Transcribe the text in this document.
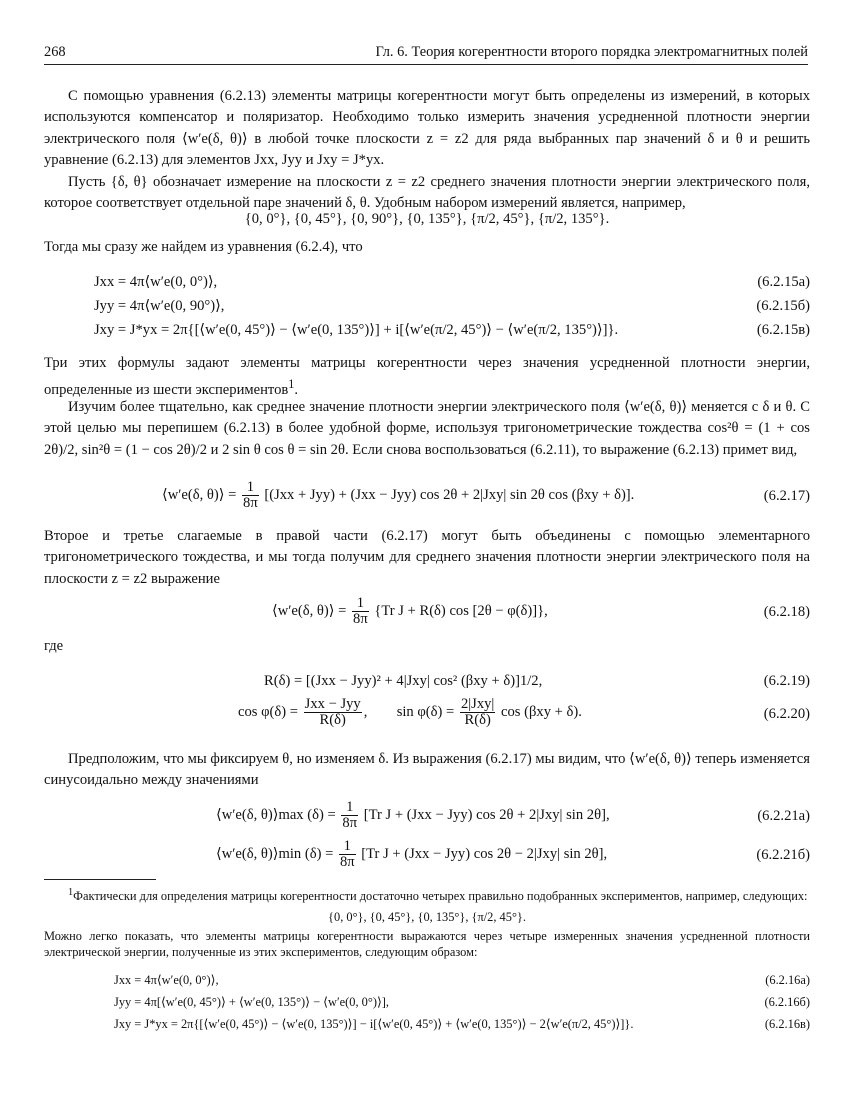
268	Гл. 6. Теория когерентности второго порядка электромагнитных полей

С помощью уравнения (6.2.13) элементы матрицы когерентности могут быть определены из измерений, в которых используются компенсатор и поляризатор. Необходимо только измерить значения усредненной плотности энергии электрического поля ⟨w′e(δ, θ)⟩ в любой точке плоскости z = z2 для ряда выбранных пар значений δ и θ и решить уравнение (6.2.13) для элементов Jxx, Jyy и Jxy = J*yx.

Пусть {δ, θ} обозначает измерение на плоскости z = z2 среднего значения плотности энергии электрического поля, которое соответствует отдельной паре значений δ, θ. Удобным набором измерений является, например,

{0, 0°}, {0, 45°}, {0, 90°}, {0, 135°}, {π/2, 45°}, {π/2, 135°}.

Тогда мы сразу же найдем из уравнения (6.2.4), что

Jxx = 4π⟨w′e(0, 0°)⟩,	(6.2.15а)
Jyy = 4π⟨w′e(0, 90°)⟩,	(6.2.15б)
Jxy = J*yx = 2π{[⟨w′e(0, 45°)⟩ − ⟨w′e(0, 135°)⟩] + i[⟨w′e(π/2, 45°)⟩ − ⟨w′e(π/2, 135°)⟩]}.	(6.2.15в)

Три этих формулы задают элементы матрицы когерентности через значения усредненной плотности энергии, определенные из шести экспериментов$^1$.

Изучим более тщательно, как среднее значение плотности энергии электрического поля ⟨w′e(δ, θ)⟩ меняется с δ и θ. С этой целью мы перепишем (6.2.13) в более удобной форме, используя тригонометрические тождества cos²θ = (1 + cos 2θ)/2, sin²θ = (1 − cos 2θ)/2 и 2 sin θ cos θ = sin 2θ. Если снова воспользоваться (6.2.11), то выражение (6.2.13) примет вид,

⟨w′e(δ, θ)⟩ = $\frac{1}{8\pi} [(Jxx + Jyy) + (Jxx - Jyy)$ cos 2θ + 2|Jxy| sin 2θ cos (βxy + δ)].	(6.2.17)

Второе и третье слагаемые в правой части (6.2.17) могут быть объединены с помощью элементарного тригонометрического тождества, и мы тогда получим для среднего значения плотности энергии электрического поля на плоскости z = z2 выражение

⟨w′e(δ, θ)⟩ = $\frac{1}{8\pi} \{Tr$ J + R(δ) cos [2θ − φ(δ)]},	(6.2.18)

где

R(δ) = [(Jxx − Jyy)² + 4|Jxy| cos² (βxy + δ)]1/2,	(6.2.19)
cos φ(δ) = Jxx − Jyy
R(δ)
, sin φ(δ) = 2|Jxy|
R(δ)
cos (βxy + δ).	(6.2.20)

Предположим, что мы фиксируем θ, но изменяем δ. Из выражения (6.2.17) мы видим, что ⟨w′e(δ, θ)⟩ теперь изменяется синусоидально между значениями

⟨w′e(δ, θ)⟩max $(\delta) = \frac{1}{8\pi} [Tr$ J + (Jxx − Jyy) cos 2θ + 2|Jxy| sin 2θ],	(6.2.21а)
⟨w′e(δ, θ)⟩min $(\delta) = \frac{1}{8\pi} [Tr$ J + (Jxx − Jyy) cos 2θ − 2|Jxy| sin 2θ],	(6.2.21б)

$^1$Фактически для определения матрицы когерентности достаточно четырех правильно подобранных экспериментов, например, следующих:

{0, 0°}, {0, 45°}, {0, 135°}, {π/2, 45°}.

Можно легко показать, что элементы матрицы когерентности выражаются через четыре измеренных значения усредненной плотности электрической энергии, полученные из этих экспериментов, следующим образом:

Jxx = 4π⟨w′e(0, 0°)⟩,	(6.2.16а)
Jyy = 4π[⟨w′e(0, 45°)⟩ + ⟨w′e(0, 135°)⟩ − ⟨w′e(0, 0°)⟩],	(6.2.16б)
Jxy = J*yx = 2π{[⟨w′e(0, 45°)⟩ − ⟨w′e(0, 135°)⟩] − i[⟨w′e(0, 45°)⟩ + ⟨w′e(0, 135°)⟩ − 2⟨w′e(π/2, 45°)⟩]}.	(6.2.16в)
